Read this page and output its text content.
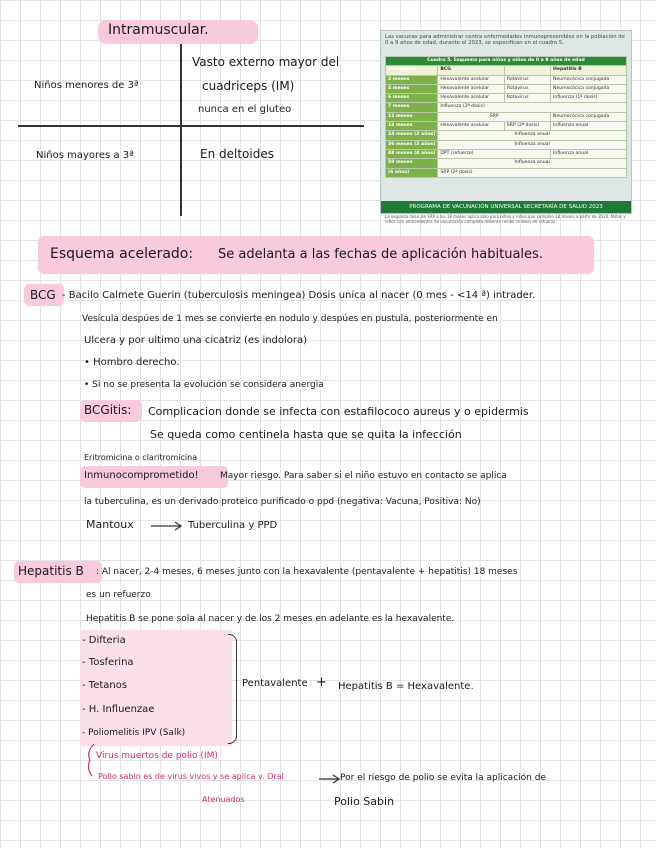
Intramuscular.
Niños menores de 3ª
Vasto externo mayor del
cuadriceps (IM)
nunca en el gluteo
Niños mayores a 3ª	En deltoides
Las vacunas para administrar contra enfermedades inmunoprevenibles en la población de 0 a 9 años de edad, durante el 2023, se especifican en el cuadro 5.
Cuadro 5. Esquema para niñas y niños de 0 a 9 años de edad			
Nacimiento	BCG		Hepatitis B
2 meses	Hexavalente acelular	Rotavirus	Neumocócica conjugada
4 meses	Hexavalente acelular	Rotavirus	Neumocócica conjugada
6 meses	Hexavalente acelular	Rotavirus	Influenza (1ª dosis)
7 meses	Influenza (2ª dosis)		
12 meses	SRP		Neumocócica conjugada
18 meses	Hexavalente acelular	SRP (2ª dosis)	Influenza anual
24 meses (2 años)	Influenza anual		
36 meses (3 años)	Influenza anual		
48 meses (4 años)	DPT (refuerzo)		Influenza anual
59 meses	Influenza anual		
(6 años)	SRP (2ª dosis)		
La segunda dosis de SRP a los 18 meses aplica sólo para niñas y niños que cumplen 18 meses a partir de 2020. Niñas y niños con antecedentes de vacunación completa deberán recibir la dosis de refuerzo.
PROGRAMA DE VACUNACIÓN UNIVERSAL SECRETARÍA DE SALUD 2023
Esquema acelerado: Se adelanta a las fechas de aplicación habituales.
BCG - Bacilo Calmete Guerin (tuberculosis meningea) Dosis unica al nacer (0 mes - <14 ª) intrader.
Vesícula despúes de 1 mes se convierte en nodulo y despúes en pustula, posteriormente en
Ulcera y por ultimo una cicatriz (es indolora)
• Hombro derecho.
• Si no se presenta la evolución se considera anergia
BCGitis: Complicacion donde se infecta con estafilococo aureus y o epidermis
Se queda como centinela hasta que se quita la infección
Eritromicina o claritromicina
Inmunocomprometido! Mayor riesgo. Para saber si el niño estuvo en contacto se aplica
la tuberculina, es un derivado proteico purificado o ppd (negativa: Vacuna, Positiva: No)
Mantoux	Tuberculina y PPD
Hepatitis B : Al nacer, 2-4 meses, 6 meses junto con la hexavalente (pentavalente + hepatitis) 18 meses
es un refuerzo
Hepatitis B se pone sola al nacer y de los 2 meses en adelante es la hexavalente.
- Difteria
- Tosferina
- Tetanos
- H. Influenzae
- Poliomelitis IPV (Salk)
Pentavalente + Hepatitis B = Hexavalente.
Virus muertos de polio (IM)
Polio sabin es de virus vivos y se aplica v. Oral
Atenuados
Por el riesgo de polio se evita la aplicación de
Polio Sabin
